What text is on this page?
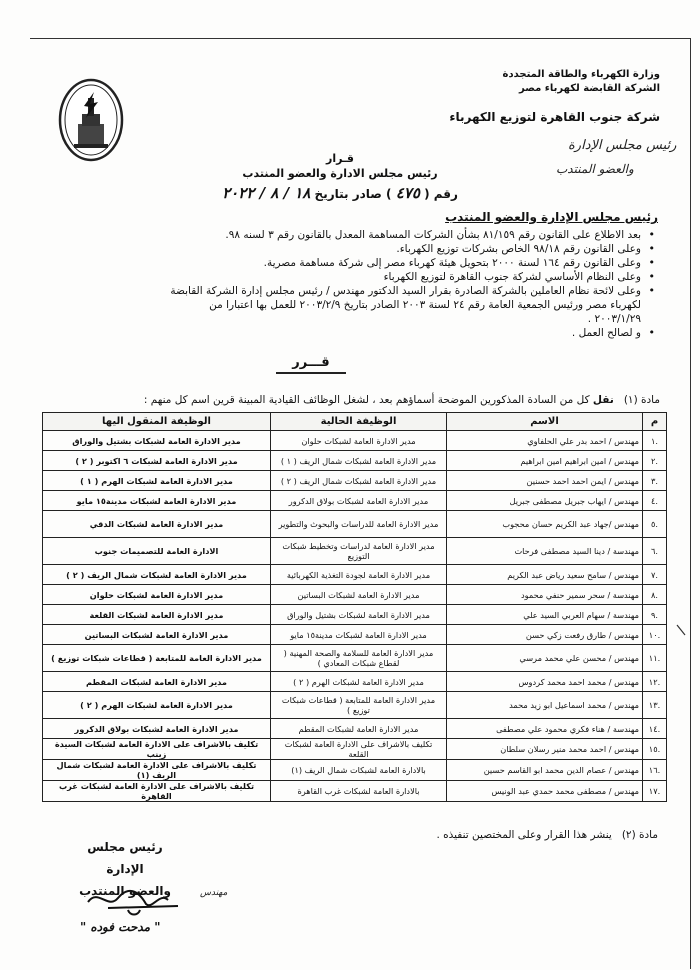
وزارة الكهرباء والطاقة المتجددة
الشركة القابضة لكهرباء مصر
شركة جنوب القاهرة لتوزيع الكهرباء
رئيس مجلس الإدارة
والعضو المنتدب
قـرار
رئيس مجلس الادارة والعضو المنتدب
رقم ( ٤٧٥ ) صادر بتاريخ ١٨ / ٨ / ٢٠٢٢
رئيس مجلس الإدارة والعضو المنتدب
• بعد الاطلاع على القانون رقم ٨١/١٥٩ بشأن الشركات المساهمة المعدل بالقانون رقم ٣ لسنه ٩٨.
• وعلى القانون رقم ٩٨/١٨ الخاص بشركات توزيع الكهرباء.
• وعلى القانون رقم ١٦٤ لسنة ٢٠٠٠ بتحويل هيئة كهرباء مصر إلى شركة مساهمة مصرية.
• وعلى النظام الأساسي لشركة جنوب القاهرة لتوزيع الكهرباء
• وعلى لائحة نظام العاملين بالشركة الصادرة بقرار السيد الدكتور مهندس / رئيس مجلس إدارة الشركة القابضة
لكهرباء مصر ورئيس الجمعية العامة رقم ٢٤ لسنة ٢٠٠٣ الصادر بتاريخ ٢٠٠٣/٢/٩ للعمل بها اعتبارا من
٢٠٠٣/١/٢٩ .
• و لصالح العمل .
قـــرر
مادة (١)   نقل كل من السادة المذكورين الموضحة أسماؤهم بعد ، لشغل الوظائف القيادية المبينة قرين اسم كل منهم :
م	الاسم	الوظيفة الحالية	الوظيفة المنقول اليها
.١	مهندس / احمد بدر علي الحلفاوي	مدير الادارة العامة لشبكات حلوان	مدير الادارة العامة لشبكات بشتيل والوراق
.٢	مهندس / امين ابراهيم امين ابراهيم	مدير الادارة العامة لشبكات شمال الريف ( ١ )	مدير الادارة العامة لشبكات ٦ اكتوبر ( ٢ )
.٣	مهندس / ايمن احمد احمد حسنين	مدير الادارة العامة لشبكات شمال الريف ( ٢ )	مدير الادارة العامة لشبكات الهرم ( ١ )
.٤	مهندس / ايهاب جبريل مصطفى جبريل	مدير الادارة العامة لشبكات بولاق الدكرور	مدير الادارة العامة لشبكات مدينة١٥ مايو
.٥	مهندس /جهاد عبد الكريم حسان محجوب	مدير الادارة العامة للدراسات والبحوث والتطوير	مدير الادارة العامة لشبكات الدقي
.٦	مهندسة / دينا السيد مصطفى فرحات	مدير الادارة العامة لدراسات وتخطيط شبكات التوزيع	الادارة العامة للتصميمات جنوب
.٧	مهندس / سامح سعيد رياض عبد الكريم	مدير الادارة العامة لجودة التغذية الكهربائية	مدير الادارة العامة لشبكات شمال الريف ( ٢ )
.٨	مهندسة / سحر سمير حنفي محمود	مدير الادارة العامة لشبكات البساتين	مدير الادارة العامة لشبكات حلوان
.٩	مهندسة / سهام العربي السيد علي	مدير الادارة العامة لشبكات بشتيل والوراق	مدير الادارة العامة لشبكات القلعة
.١٠	مهندس / طارق رفعت زكي حسن	مدير الادارة العامة لشبكات مدينة١٥ مايو	مدير الادارة العامة لشبكات البساتين
.١١	مهندس / محسن علي محمد مرسي	مدير الادارة العامة للسلامة والصحة المهنية ( لقطاع شبكات المعادي )	مدير الادارة العامة للمتابعة ( قطاعات شبكات توزيع )
.١٢	مهندس / محمد احمد محمد كردوس	مدير الادارة العامة لشبكات الهرم ( ٢ )	مدير الادارة العامة لشبكات المقطم
.١٣	مهندس / محمد اسماعيل ابو زيد محمد	مدير الادارة العامة للمتابعة ( قطاعات شبكات توزيع )	مدير الادارة العامة لشبكات الهرم ( ٢ )
.١٤	مهندسة / هناء فكري محمود علي مصطفى	مدير الادارة العامة لشبكات المقطم	مدير الادارة العامة لشبكات بولاق الدكرور
.١٥	مهندس / احمد محمد منير رسلان سلطان	تكليف بالاشراف على الادارة العامة لشبكات القلعة	تكليف بالاشراف على الادارة العامة لشبكات السيدة زينب
.١٦	مهندس / عصام الدين محمد ابو القاسم حسين	بالادارة العامة لشبكات شمال الريف (١)	تكليف بالاشراف على الادارة العامة لشبكات شمال الريف (١)
.١٧	مهندس / مصطفى محمد حمدي عبد الونيس	بالادارة العامة لشبكات غرب القاهرة	تكليف بالاشراف على الادارة العامة لشبكات غرب القاهرة
مادة (٢)   ينشر هذا القرار وعلى المختصين تنفيذه .
رئيس مجلس الإدارة
والعضو المنتدب	مهندس
" مدحت فوده "
